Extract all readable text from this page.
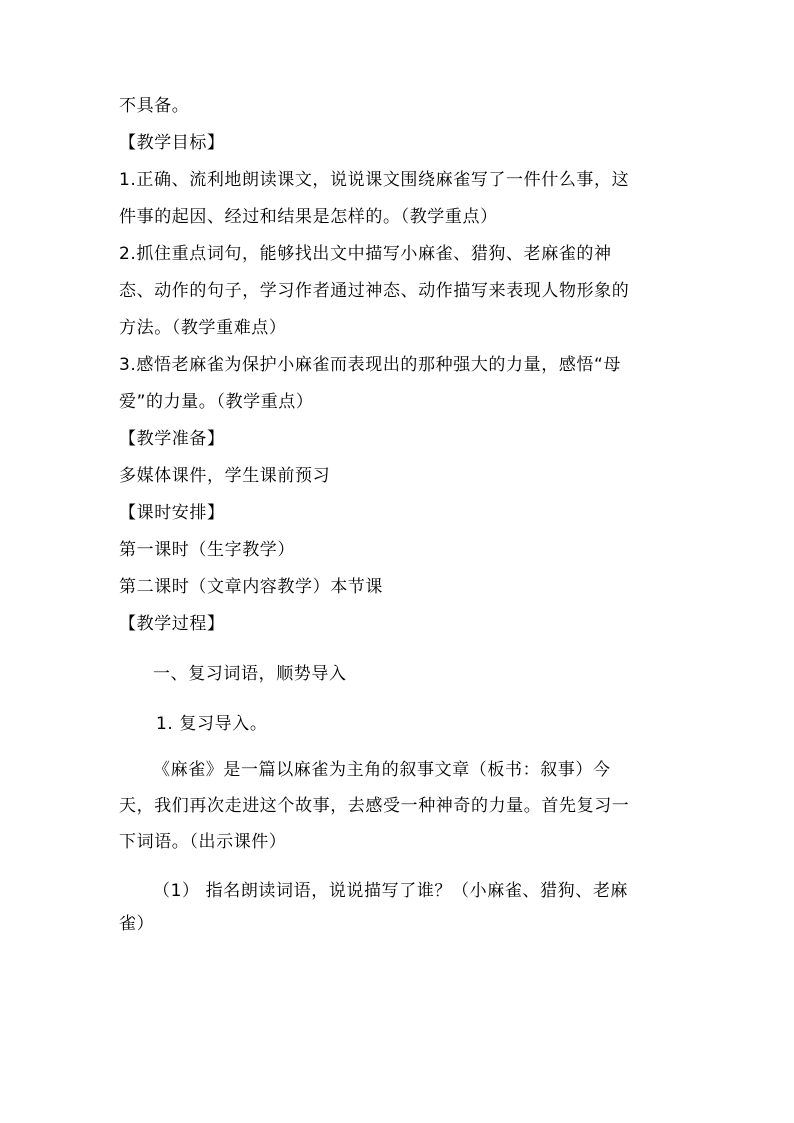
不具备。
【教学目标】
1.正确、流利地朗读课文，说说课文围绕麻雀写了一件什么事，这
件事的起因、经过和结果是怎样的。（教学重点）
2.抓住重点词句，能够找出文中描写小麻雀、猎狗、老麻雀的神
态、动作的句子，学习作者通过神态、动作描写来表现人物形象的
方法。（教学重难点）
3.感悟老麻雀为保护小麻雀而表现出的那种强大的力量，感悟“母
爱”的力量。（教学重点）
【教学准备】
多媒体课件，学生课前预习
【课时安排】
第一课时（生字教学）
第二课时（文章内容教学）本节课
【教学过程】
一、复习词语，顺势导入
1. 复习导入。
《麻雀》是一篇以麻雀为主角的叙事文章（板书：叙事）今
天，我们再次走进这个故事，去感受一种神奇的力量。首先复习一
下词语。（出示课件）
（1） 指名朗读词语，说说描写了谁？（小麻雀、猎狗、老麻
雀）
